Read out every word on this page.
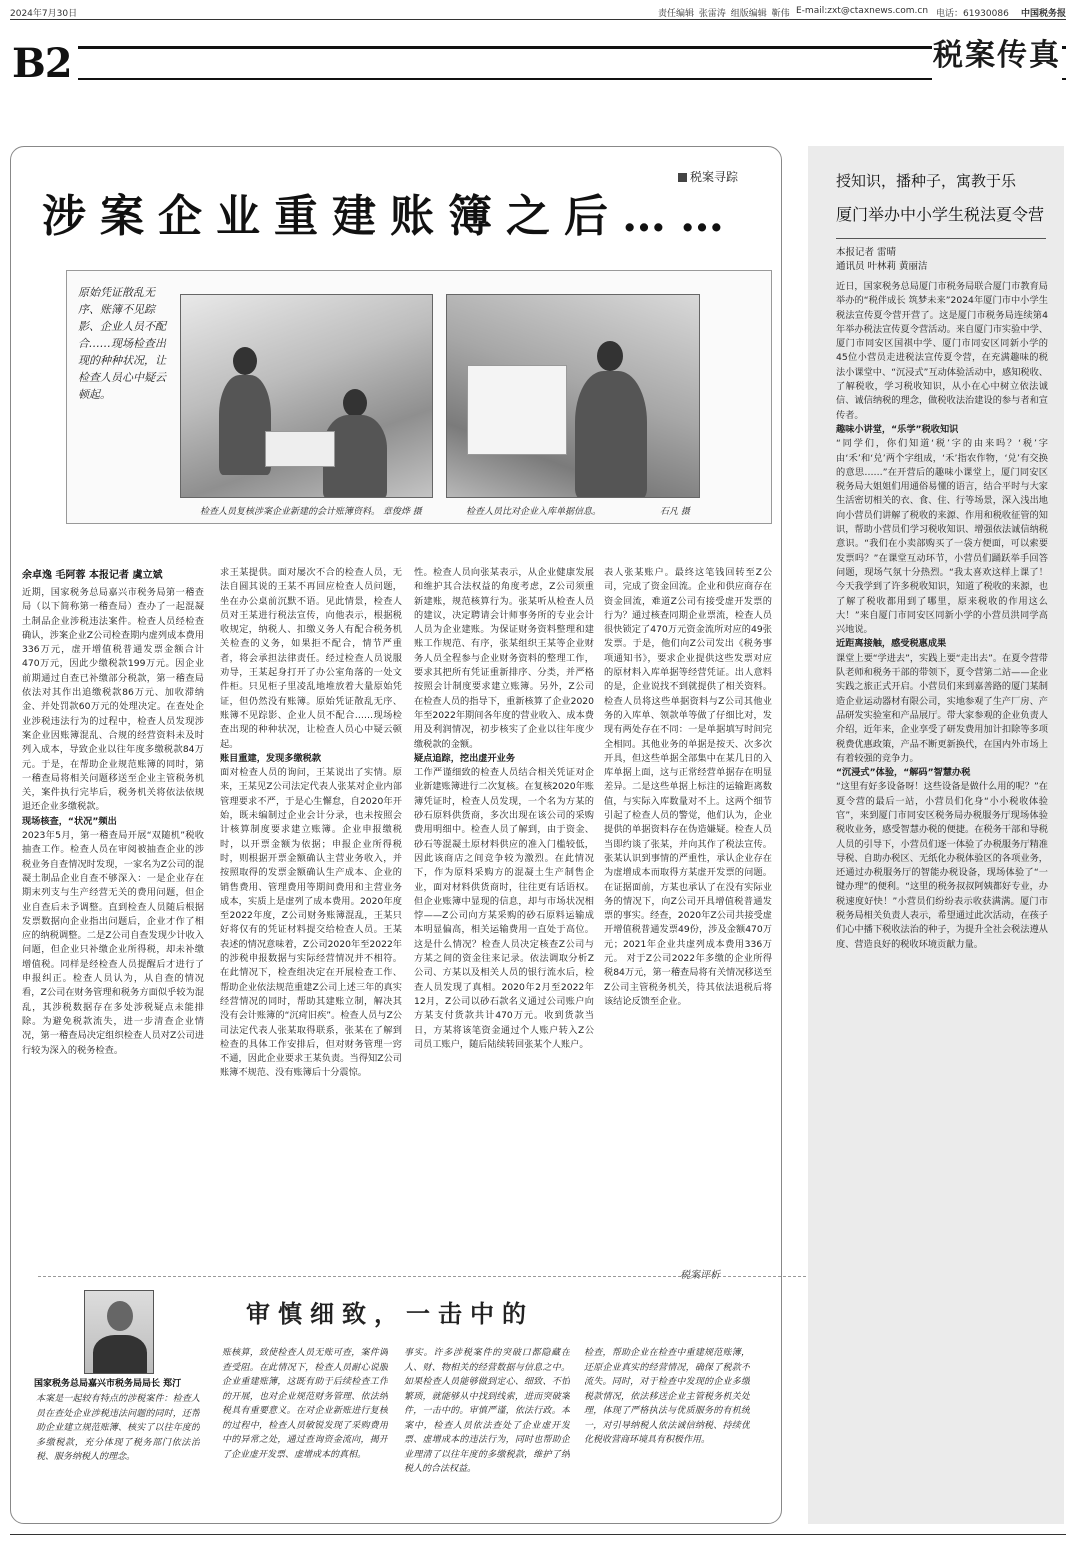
2024年7月30日	责任编辑 张雷涛 组版编辑 靳伟 E-mail:zxt@ctaxnews.com.cn 电话：61930086 中国税务报
B2	税案传真
税案寻踪
涉案企业重建账簿之后……
原始凭证散乱无序、账簿不见踪影、企业人员不配合……现场检查出现的种种状况，让检查人员心中疑云顿起。
检查人员复核涉案企业新建的会计账簿资料。 章俊烨 摄	检查人员比对企业入库单据信息。	石凡 摄
余卓逸 毛阿蓉 本报记者 虞立斌
近期，国家税务总局嘉兴市税务局第一稽查局（以下简称第一稽查局）查办了一起混凝土制品企业涉税违法案件。检查人员经检查确认，涉案企业Z公司检查期内虚列成本费用336万元，虚开增值税普通发票金额合计470万元，因此少缴税款199万元。因企业前期通过自查已补缴部分税款，第一稽查局依法对其作出追缴税款86万元、加收滞纳金、并处罚款60万元的处理决定。在查处企业涉税违法行为的过程中，检查人员发现涉案企业因账簿混乱、合规的经营资料未及时列入成本，导致企业以往年度多缴税款84万元。于是，在帮助企业规范账簿的同时，第一稽查局将相关问题移送至企业主管税务机关，案件执行完毕后，税务机关将依法依规退还企业多缴税款。
现场核查，“状况”频出
2023年5月，第一稽查局开展“双随机”税收抽查工作。检查人员在审阅被抽查企业的涉税业务自查情况时发现，一家名为Z公司的混凝土制品企业自查不够深入：一是企业存在期末列支与生产经营无关的费用问题，但企业自查后未予调整。直到检查人员随后根据发票数据向企业指出问题后，企业才作了相应的纳税调整。二是Z公司自查发现少计收入问题，但企业只补缴企业所得税，却未补缴增值税。同样是经检查人员提醒后才进行了申报纠正。检查人员认为，从自查的情况看，Z公司在财务管理和税务方面似乎较为混乱，其涉税数据存在多处涉税疑点未能排除。为避免税款流失，进一步清查企业情况，第一稽查局决定组织检查人员对Z公司进行较为深入的税务检查。
求王某提供。面对屡次不合的检查人员，无法自圆其说的王某不再回应检查人员问题，坐在办公桌前沉默不语。见此情景，检查人员对王某进行税法宣传，向他表示，根据税收规定，纳税人、扣缴义务人有配合税务机关检查的义务，如果拒不配合，情节严重者，将会承担法律责任。经过检查人员说服劝导，王某起身打开了办公室角落的一处文件柜。只见柜子里凌乱地堆放着大量原始凭证，但仍然没有账簿。原始凭证散乱无序、账簿不见踪影、企业人员不配合……现场检查出现的种种状况，让检查人员心中疑云顿起。
账目重建，发现多缴税款
面对检查人员的询问，王某说出了实情。原来，王某见Z公司法定代表人张某对企业内部管理要求不严，于是心生懈怠，自2020年开始，既未编制过企业会计分录，也未按照会计核算制度要求建立账簿。企业申报缴税时，以开票金额为依据；申报企业所得税时，则根据开票金额确认主营业务收入，并按照取得的发票金额确认生产成本、企业的销售费用、管理费用等期间费用和主营业务成本，实质上是虚列了成本费用。2020年度至2022年度，Z公司财务账簿混乱，王某只好将仅有的凭证材料提交给检查人员。王某表述的情况意味着，Z公司2020年至2022年的涉税申报数据与实际经营情况并不相符。在此情况下，检查组决定在开展检查工作、帮助企业依法规范重建Z公司上述三年的真实经营情况的同时，帮助其建账立制，解决其没有会计账簿的“沉疴旧疾”。检查人员与Z公司法定代表人张某取得联系，张某在了解到检查的具体工作安排后，但对财务管理一窍不通，因此企业要求王某负责。当得知Z公司账簿不规范、没有账簿后十分震惊。
性。检查人员向张某表示，从企业健康发展和维护其合法权益的角度考虑，Z公司须重新建账，规范核算行为。张某听从检查人员的建议，决定聘请会计师事务所的专业会计人员为企业建账。为保证财务资料整理和建账工作规范、有序，张某组织王某等企业财务人员全程参与企业财务资料的整理工作，要求其把所有凭证重新排序、分类，并严格按照会计制度要求建立账簿。另外，Z公司在检查人员的指导下，重新核算了企业2020年至2022年期间各年度的营业收入、成本费用及利润情况，初步核实了企业以往年度少缴税款的金额。
疑点追踪，挖出虚开业务
工作严谨细致的检查人员结合相关凭证对企业新建账簿进行二次复核。在复核2020年账簿凭证时，检查人员发现，一个名为方某的砂石原料供货商，多次出现在该公司的采购费用明细中。检查人员了解到，由于资金、砂石等混凝土原材料供应的准入门槛较低，因此该商店之间竞争较为激烈。在此情况下，作为原料采购方的混凝土生产制售企业，面对材料供货商时，往往更有话语权。但企业账簿中显现的信息，却与市场状况相悖——Z公司向方某采购的砂石原料运输成本明显偏高，相关运输费用一直处于高位。这是什么情况？检查人员决定核查Z公司与方某之间的资金往来记录。依法调取分析Z公司、方某以及相关人员的银行流水后，检查人员发现了真相。2020年2月至2022年12月，Z公司以砂石款名义通过公司账户向方某支付货款共计470万元。收到货款当日，方某将该笔资金通过个人账户转入Z公司员工账户，随后陆续转回张某个人账户。
表人张某账户。最终这笔钱回转至Z公司，完成了资金回流。企业和供应商存在资金回流，难道Z公司有接受虚开发票的行为？通过核查同期企业票流，检查人员很快锁定了470万元资金流所对应的49张发票。于是，他们向Z公司发出《税务事项通知书》，要求企业提供这些发票对应的原材料入库单据等经营凭证。出人意料的是，企业说找不到就提供了相关资料。检查人员将这些单据资料与Z公司其他业务的入库单、领款单等做了仔细比对，发现有两处存在不同：一是单据填写时间完全相同。其他业务的单据是按天、次多次开具，但这些单据全部集中在某几日的入库单据上面，这与正常经营单据存在明显差异。二是这些单据上标注的运输距离数值，与实际入库数量对不上。这两个细节引起了检查人员的警觉，他们认为，企业提供的单据资料存在伪造嫌疑。检查人员当即约谈了张某，并向其作了税法宣传。张某认识到事情的严重性，承认企业存在为虚增成本而取得方某虚开发票的问题。在证据面前，方某也承认了在没有实际业务的情况下，向Z公司开具增值税普通发票的事实。经查，2020年Z公司共接受虚开增值税普通发票49份，涉及金额470万元；2021年企业共虚列成本费用336万元。 对于Z公司2022年多缴的企业所得税84万元，第一稽查局将有关情况移送至Z公司主管税务机关，待其依法退税后将该结论反馈至企业。
税案评析
审慎细致，一击中的
国家税务总局嘉兴市税务局局长 郑汀
本案是一起较有特点的涉税案件：检查人员在查处企业涉税违法问题的同时，还帮助企业建立规范账簿、核实了以往年度的多缴税款，充分体现了税务部门依法治税、服务纳税人的理念。
账核算，致使检查人员无账可查，案件调查受阻。在此情况下，检查人员耐心说服企业重建账簿，这既有助于后续检查工作的开展，也对企业规范财务管理、依法纳税具有重要意义。在对企业新账进行复核的过程中，检查人员敏锐发现了采购费用中的异常之处，通过查询资金流向，揭开了企业虚开发票、虚增成本的真相。
事实。许多涉税案件的突破口都隐藏在人、财、物相关的经营数据与信息之中。如果检查人员能够做到定心、细致、不怕繁琐，就能够从中找到线索，进而突破案件，一击中的。审慎严谨，依法行政。本案中，检查人员依法查处了企业虚开发票、虚增成本的违法行为，同时也帮助企业理清了以往年度的多缴税款，维护了纳税人的合法权益。
检查，帮助企业在检查中重建规范账簿，还原企业真实的经营情况，确保了税款不流失。同时，对于检查中发现的企业多缴税款情况，依法移送企业主管税务机关处理，体现了严格执法与优质服务的有机统一，对引导纳税人依法诚信纳税、持续优化税收营商环境具有积极作用。
授知识，播种子，寓教于乐
厦门举办中小学生税法夏令营
本报记者 雷晴
通讯员 叶林莉 黄丽洁
近日，国家税务总局厦门市税务局联合厦门市教育局举办的“税伴成长 筑梦未来”2024年厦门市中小学生税法宣传夏令营开营了。这是厦门市税务局连续第4年举办税法宣传夏令营活动。来自厦门市实验中学、厦门市同安区国祺中学、厦门市同安区同新小学的45位小营员走进税法宣传夏令营，在充满趣味的税法小课堂中、“沉浸式”互动体验活动中，感知税收、了解税收，学习税收知识，从小在心中树立依法诚信、诚信纳税的理念，做税收法治建设的参与者和宣传者。
趣味小讲堂，“乐学”税收知识
“同学们，你们知道‘税’字的由来吗？‘税’字由‘禾’和‘兑’两个字组成，‘禾’指农作物，‘兑’有交换的意思……”在开营后的趣味小课堂上，厦门同安区税务局大姐姐们用通俗易懂的语言，结合平时与大家生活密切相关的衣、食、住、行等场景，深入浅出地向小营员们讲解了税收的来源、作用和税收征管的知识，帮助小营员们学习税收知识、增强依法诚信纳税意识。“我们在小卖部购买了一袋方便面，可以索要发票吗？”在课堂互动环节，小营员们踊跃举手回答问题，现场气氛十分热烈。“我太喜欢这样上课了！今天我学到了许多税收知识，知道了税收的来源，也了解了税收都用到了哪里，原来税收的作用这么大！”来自厦门市同安区同新小学的小营员洪同学高兴地说。
近距离接触，感受税惠成果
课堂上要“学进去”，实践上要“走出去”。在夏令营带队老师和税务干部的带领下，夏令营第二站——企业实践之旅正式开启。小营员们来到嘉善路的厦门某制造企业运动器材有限公司，实地参观了生产厂房、产品研发实验室和产品展厅。带大家参观的企业负责人介绍，近年来，企业享受了研发费用加计扣除等多项税费优惠政策，产品不断更新换代，在国内外市场上有着较强的竞争力。
“沉浸式”体验，“解码”智慧办税
“这里有好多设备呀！这些设备是做什么用的呢？”在夏令营的最后一站，小营员们化身“小小税收体验官”，来到厦门市同安区税务局办税服务厅现场体验税收业务，感受智慧办税的便捷。在税务干部和导税人员的引导下，小营员们逐一体验了办税服务厅精准导税、自助办税区、无纸化办税体验区的各项业务，还通过办税服务厅的智能办税设备，现场体验了“一键办理”的便利。“这里的税务叔叔阿姨都好专业，办税速度好快！”小营员们纷纷表示收获满满。厦门市税务局相关负责人表示，希望通过此次活动，在孩子们心中播下税收法治的种子，为提升全社会税法遵从度、营造良好的税收环境贡献力量。
